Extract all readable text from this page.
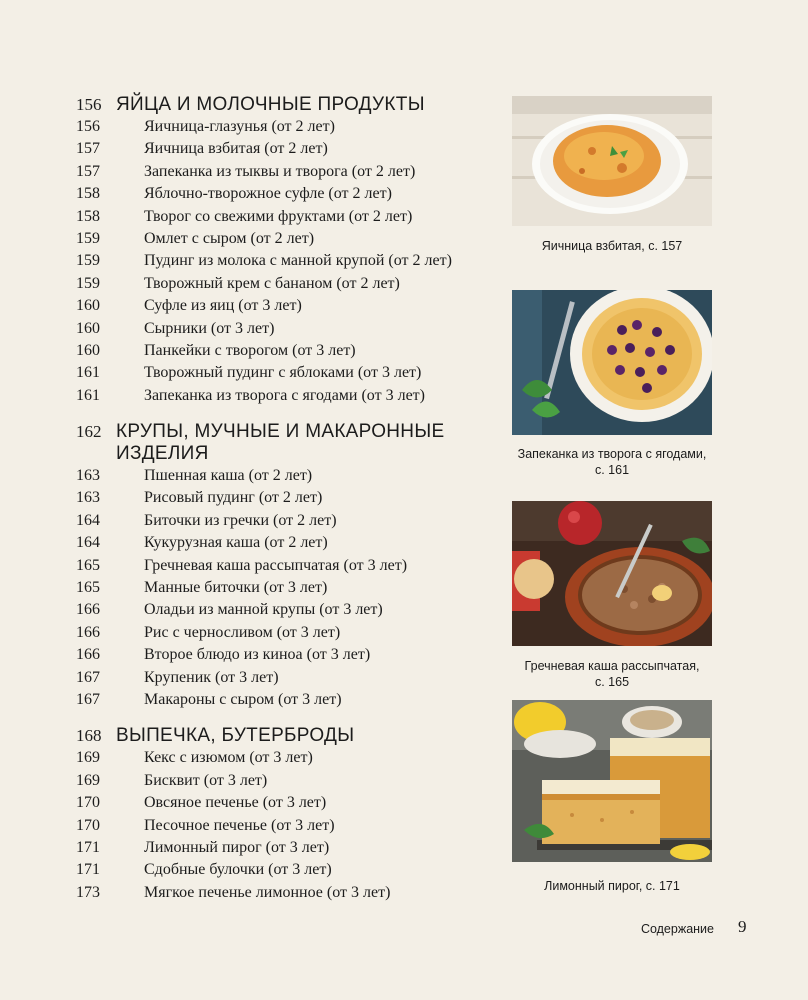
156 ЯЙЦА И МОЛОЧНЫЕ ПРОДУКТЫ
156	Яичница-глазунья (от 2 лет)
157	Яичница взбитая (от 2 лет)
157	Запеканка из тыквы и творога (от 2 лет)
158	Яблочно-творожное суфле (от 2 лет)
158	Творог со свежими фруктами (от 2 лет)
159	Омлет с сыром (от 2 лет)
159	Пудинг из молока с манной крупой (от 2 лет)
159	Творожный крем с бананом (от 2 лет)
160	Суфле из яиц (от 3 лет)
160	Сырники (от 3 лет)
160	Панкейки с творогом (от 3 лет)
161	Творожный пудинг с яблоками (от 3 лет)
161	Запеканка из творога с ягодами (от 3 лет)
162 КРУПЫ, МУЧНЫЕ И МАКАРОННЫЕ
ИЗДЕЛИЯ
163	Пшенная каша (от 2 лет)
163	Рисовый пудинг (от 2 лет)
164	Биточки из гречки (от 2 лет)
164	Кукурузная каша (от 2 лет)
165	Гречневая каша рассыпчатая (от 3 лет)
165	Манные биточки (от 3 лет)
166	Оладьи из манной крупы (от 3 лет)
166	Рис с черносливом (от 3 лет)
166	Второе блюдо из киноа (от 3 лет)
167	Крупеник (от 3 лет)
167	Макароны с сыром (от 3 лет)
168 ВЫПЕЧКА, БУТЕРБРОДЫ
169	Кекс с изюмом (от 3 лет)
169	Бисквит (от 3 лет)
170	Овсяное печенье (от 3 лет)
170	Песочное печенье (от 3 лет)
171	Лимонный пирог (от 3 лет)
171	Сдобные булочки (от 3 лет)
173	Мягкое печенье лимонное (от 3 лет)
Яичница взбитая, с. 157
Запеканка из творога с ягодами,
с. 161
Гречневая каша рассыпчатая,
с. 165
Лимонный пирог, с. 171
Содержание 9
